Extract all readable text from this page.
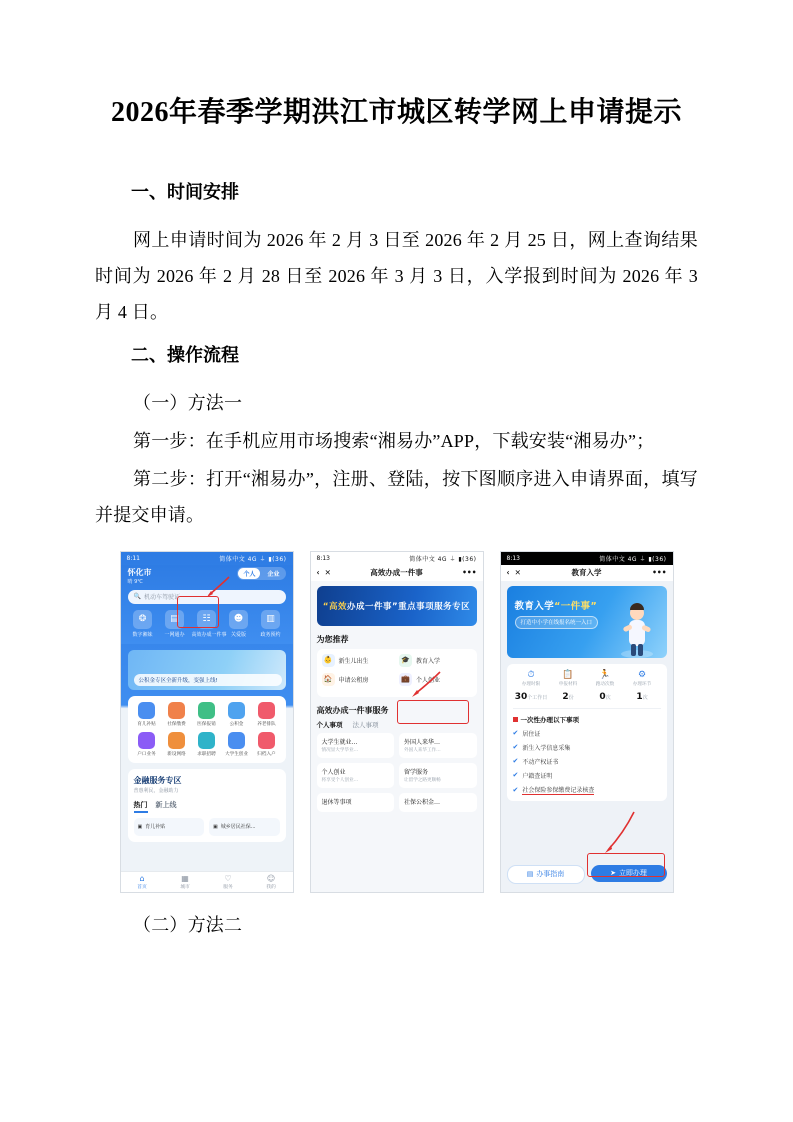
2026年春季学期洪江市城区转学网上申请提示
一、时间安排

网上申请时间为 2026 年 2 月 3 日至 2026 年 2 月 25 日，网上查询结果时间为 2026 年 2 月 28 日至 2026 年 3 月 3 日，入学报到时间为 2026 年 3 月 4 日。

二、操作流程

（一）方法一

第一步：在手机应用市场搜索“湘易办”APP，下载安装“湘易办”；

第二步：打开“湘易办”，注册、登陆，按下图顺序进入申请界面，填写并提交申请。

8:11	简体中文 4G ⏚ ▮(36)
怀化市
晴 9℃
个人	企业
🔍 机动车驾驶证
❂
数字湘妹
▤
一网通办
☷
高效办成一件事
☻
关爱版
▥
政务预约
公积金专区全新升级，变强上线!
育儿补贴	社保缴费	医保报销	公积金	养老排队
户口业务	新设网络	求职招聘	大学生创业	归档入户
金融服务专区
普惠利民，金融助力
热门 新上线
▣ 育儿补贴	▣ 城乡居民社保...
⌂
首页
▦
城市
♡
服务
☺
我的
8:13	简体中文 4G ⏚ ▮(36)
‹ ✕	高效办成一件事	•••
“高效 办成一件事”重点事项服务专区
为您推荐
👶	新生儿出生	🎓	教育入学
🏠	申请公租房	💼	个人创业
高效办成一件事服务
个人事项 法人事项
大学生就业…
情况显大学毕业…
外国人来华…
外国人来华工作…
个人创业
将享受个人创业…
留学服务
让留学之路更顺畅
退休等事项	社保公积金…
8:13	简体中文 4G ⏚ ▮(36)
‹ ✕	教育入学	•••
教育入学“一件事”
打造中小学在线报名统一入口
⏱
办理时限
📋
申报材料
🏃
跑动次数
⚙
办理环节
30个工作日	2份	0次	1次
一次性办理以下事项
✔ 居住证
✔ 新生入学信息采集
✔ 不动产权证书
✔ 户籍查证明
✔ 社会保险参保缴费记录核查
▤ 办事指南	➤ 立即办理

（二）方法二
